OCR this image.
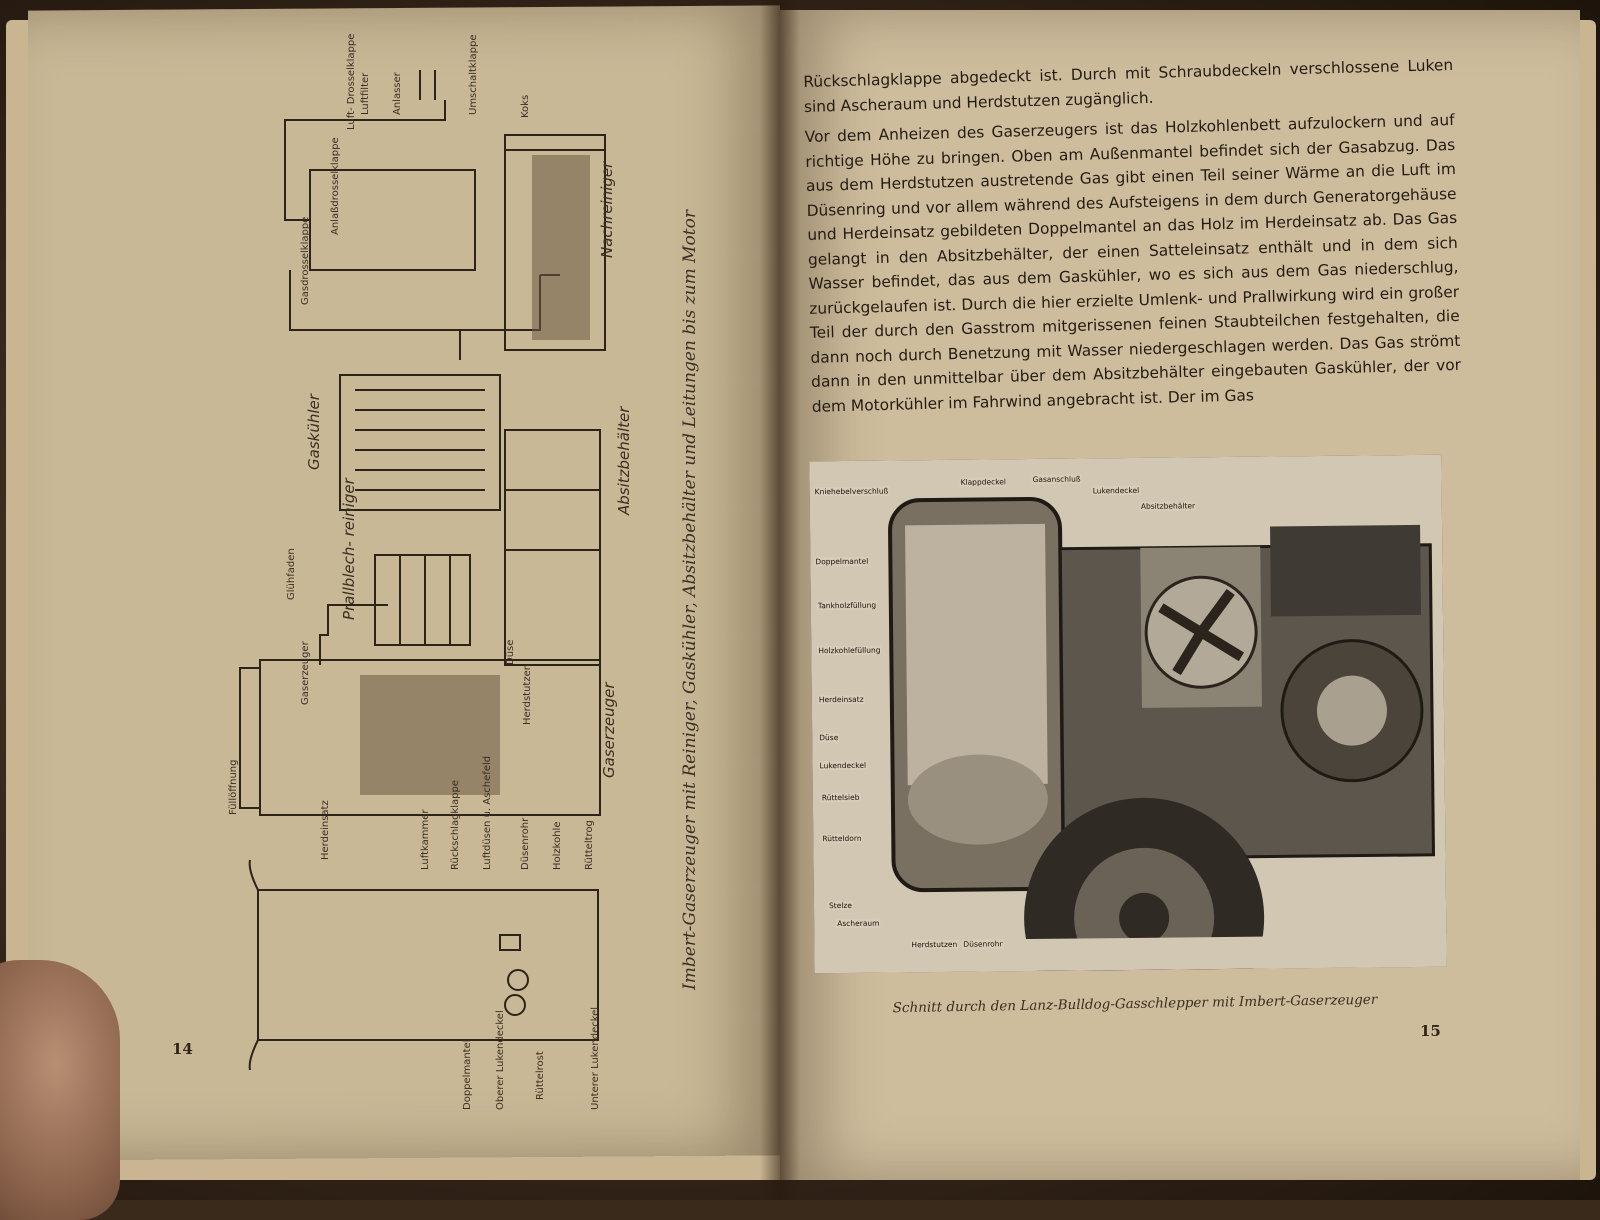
Gaserzeuger
Gaserzeuger
Prallblech- reiniger
Absitzbehälter
Gaskühler
Nachreiniger
Glühfaden
Füllöffnung
Herdeinsatz	Luftkammer Rückschlagklappe Luftdüsen u. Aschefeld	Düsenrohr Holzkohle Rütteltrog
Düse
Herdstutzen
Doppelmantel Oberer Lukendeckel	Rüttelrost	Unterer Lukendeckel
Gasdrosselklappe
Anlaßdrosselklappe
Luft- Drosselklappe Luftfilter Anlasser	Umschaltklappe	Koks
Imbert-Gaserzeuger mit Reiniger, Gaskühler, Absitzbehälter und Leitungen bis zum Motor
14

Rückschlagklappe abgedeckt ist. Durch mit Schraubdeckeln verschlossene Luken sind Ascheraum und Herdstutzen zugänglich.

Vor dem Anheizen des Gaserzeugers ist das Holzkohlenbett aufzulockern und auf richtige Höhe zu bringen. Oben am Außenmantel befindet sich der Gasabzug. Das aus dem Herdstutzen austretende Gas gibt einen Teil seiner Wärme an die Luft im Düsenring und vor allem während des Aufsteigens in dem durch Generatorgehäuse und Herdeinsatz gebildeten Doppelmantel an das Holz im Herdeinsatz ab. Das Gas gelangt in den Absitzbehälter, der einen Satteleinsatz enthält und in dem sich Wasser befindet, das aus dem Gaskühler, wo es sich aus dem Gas niederschlug, zurückgelaufen ist. Durch die hier erzielte Umlenk- und Prallwirkung wird ein großer Teil der durch den Gasstrom mitgerissenen feinen Staubteilchen festgehalten, die dann noch durch Benetzung mit Wasser niedergeschlagen werden. Das Gas strömt dann in den unmittelbar über dem Absitzbehälter eingebauten Gaskühler, der vor dem Motorkühler im Fahrwind angebracht ist. Der im Gas

Kniehebelverschluß
Klappdeckel	Gasanschluß
Lukendeckel
Absitzbehälter
Doppelmantel
Tankholzfüllung
Holzkohlefüllung
Herdeinsatz
Düse
Lukendeckel
Rüttelsieb
Rütteldorn
Stelze
Ascheraum
Herdstutzen Düsenrohr
Schnitt durch den Lanz-Bulldog-Gasschlepper mit Imbert-Gaserzeuger
15
